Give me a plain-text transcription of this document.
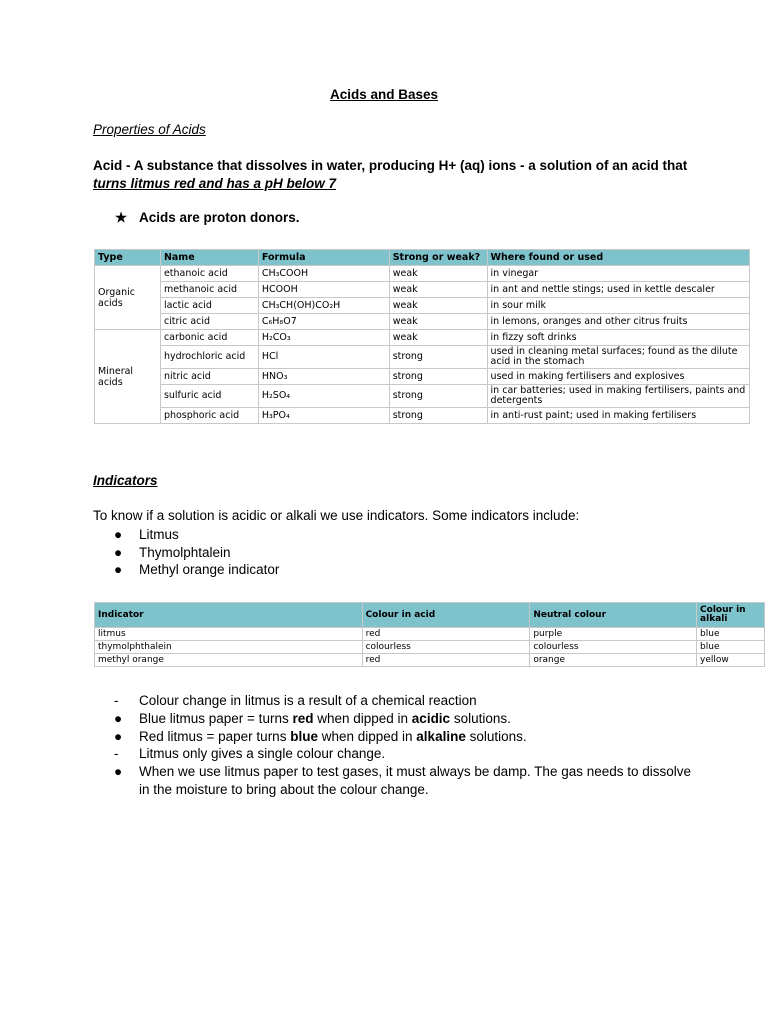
Acids and Bases
Properties of Acids
Acid - A substance that dissolves in water, producing H+ (aq) ions - a solution of an acid that turns litmus red and has a pH below 7
★ Acids are proton donors.
Type	Name	Formula	Strong or weak?	Where found or used
Organic acids	ethanoic acid	CH₃COOH	weak	in vinegar
	methanoic acid	HCOOH	weak	in ant and nettle stings; used in kettle descaler
	lactic acid	CH₃CH(OH)CO₂H	weak	in sour milk
	citric acid	C₆H₈O7	weak	in lemons, oranges and other citrus fruits
Mineral acids	carbonic acid	H₂CO₃	weak	in fizzy soft drinks
	hydrochloric acid	HCl	strong	used in cleaning metal surfaces; found as the dilute acid in the stomach
	nitric acid	HNO₃	strong	used in making fertilisers and explosives
	sulfuric acid	H₂SO₄	strong	in car batteries; used in making fertilisers, paints and detergents
	phosphoric acid	H₃PO₄	strong	in anti-rust paint; used in making fertilisers
Indicators
To know if a solution is acidic or alkali we use indicators. Some indicators include:
● Litmus
● Thymolphtalein
● Methyl orange indicator
Indicator	Colour in acid	Neutral colour	Colour in alkali
litmus	red	purple	blue
thymolphthalein	colourless	colourless	blue
methyl orange	red	orange	yellow
- Colour change in litmus is a result of a chemical reaction
● Blue litmus paper = turns red when dipped in acidic solutions.
● Red litmus = paper turns blue when dipped in alkaline solutions.
- Litmus only gives a single colour change.
● When we use litmus paper to test gases, it must always be damp. The gas needs to dissolve in the moisture to bring about the colour change.
